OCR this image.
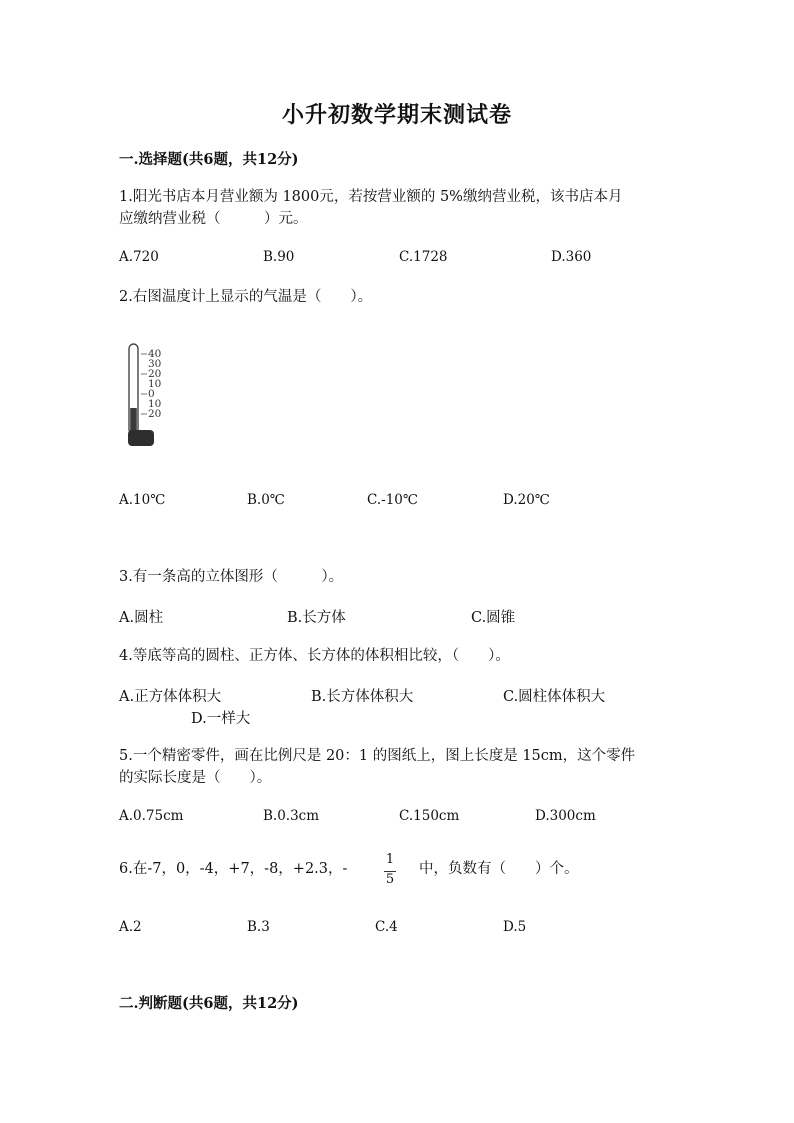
小升初数学期末测试卷
一.选择题(共6题，共12分)
1.阳光书店本月营业额为 1800元，若按营业额的 5%缴纳营业税，该书店本月
应缴纳营业税（　　　）元。
A.720	B.90	C.1728	D.360
2.右图温度计上显示的气温是（　　）。
40
30
20
10
0
10
20
A.10℃	B.0℃	C.-10℃	D.20℃
3.有一条高的立体图形（　　　）。
A.圆柱	B.长方体	C.圆锥
4.等底等高的圆柱、正方体、长方体的体积相比较，（　　）。
A.正方体体积大	B.长方体体积大	C.圆柱体体积大
D.一样大
5.一个精密零件，画在比例尺是 20：1 的图纸上，图上长度是 15cm，这个零件
的实际长度是（　　）。
A.0.75cm	B.0.3cm	C.150cm	D.300cm
6.在-7，0，-4，+7，-8，+2.3，-
1
5
中，负数有（　　）个。
A.2	B.3	C.4	D.5
二.判断题(共6题，共12分)
